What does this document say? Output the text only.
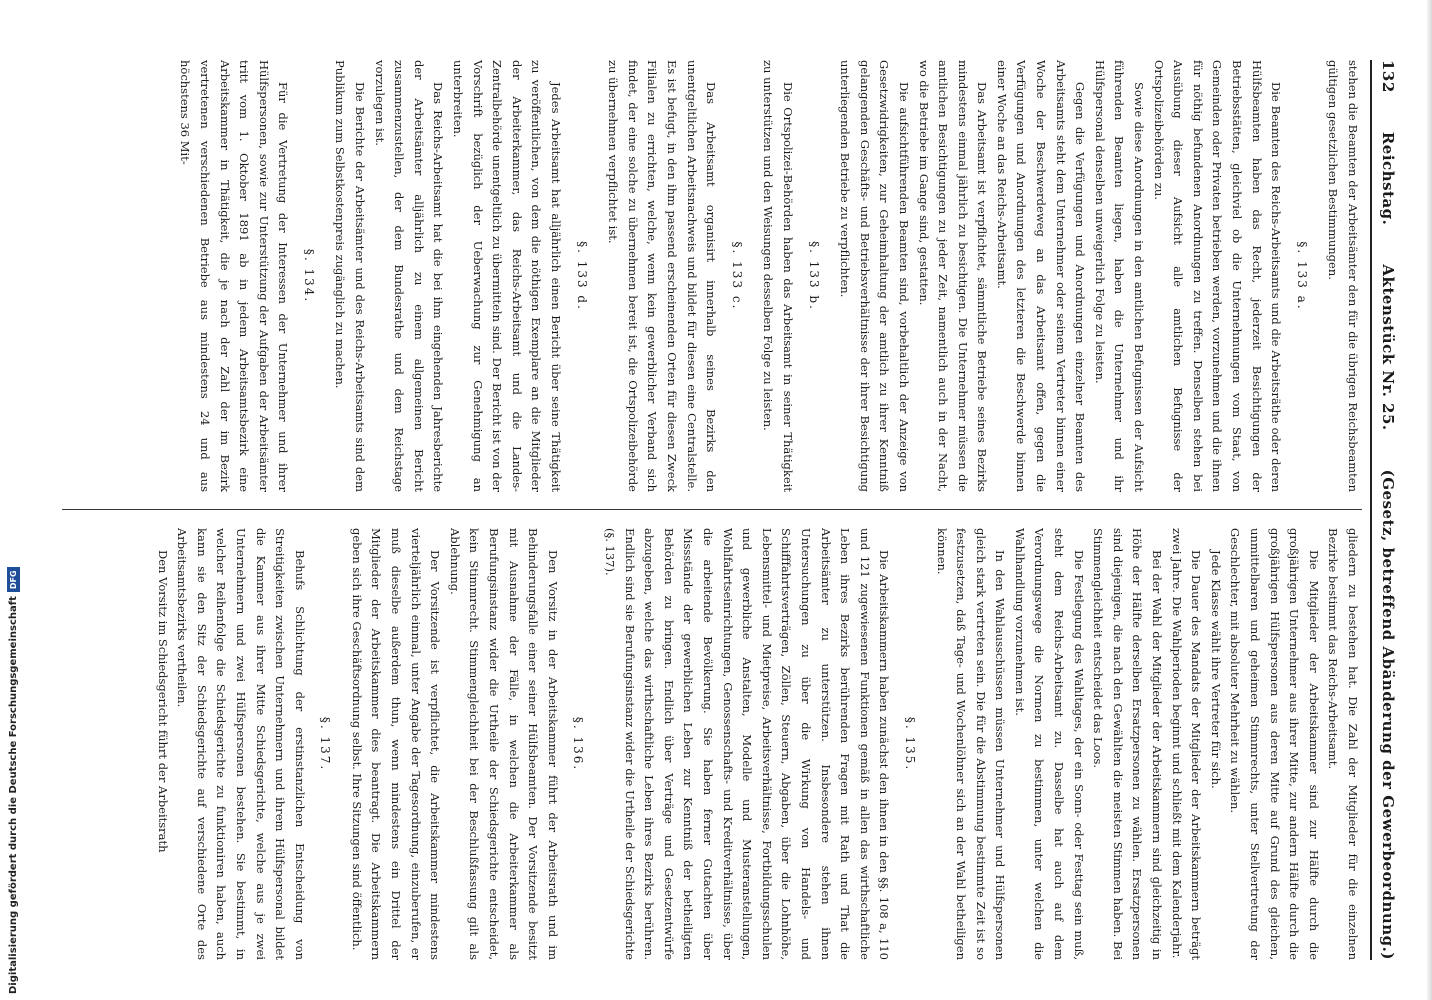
132
Reichstag.
Aktenstück Nr. 25.
(Gesetz, betreffend Abänderung der Gewerbeordnung.)

stehen die Beamten der Arbeitsämter den für die übrigen Reichsbeamten gültigen gesetzlichen Bestimmungen.

§. 133 a.

Die Beamten des Reichs-Arbeitsamts und die Arbeitsräthe oder deren Hülfsbeamten haben das Recht, jederzeit Besichtigungen der Betriebsstätten, gleichviel ob die Unternehmungen vom Staat, von Gemeinden oder Privaten betrieben werden, vorzunehmen und die ihnen für nöthig befundenen Anordnungen zu treffen. Denselben stehen bei Ausübung dieser Aufsicht alle amtlichen Befugnisse der Ortspolizeibehörden zu.

Sowie diese Anordnungen in den amtlichen Befugnissen der Aufsicht führenden Beamten liegen, haben die Unternehmer und ihr Hülfspersonal denselben unweigerlich Folge zu leisten.

Gegen die Verfügungen und Anordnungen einzelner Beamten des Arbeitsamts steht dem Unternehmer oder seinem Vertreter binnen einer Woche der Beschwerdeweg an das Arbeitsamt offen, gegen die Verfügungen und Anordnungen des letzteren die Beschwerde binnen einer Woche an das Reichs-Arbeitsamt.

Das Arbeitsamt ist verpflichtet, sämmtliche Betriebe seines Bezirks mindestens einmal jährlich zu besichtigen. Die Unternehmer müssen die amtlichen Besichtigungen zu jeder Zeit, namentlich auch in der Nacht, wo die Betriebe im Gange sind, gestatten.

Die aufsichtführenden Beamten sind, vorbehaltlich der Anzeige von Gesetzwidrigkeiten, zur Geheimhaltung der amtlich zu ihrer Kenntniß gelangenden Geschäfts- und Betriebsverhältnisse der ihrer Besichtigung unterliegenden Betriebe zu verpflichten.

§. 133 b.

Die Ortspolizei-Behörden haben das Arbeitsamt in seiner Thätigkeit zu unterstützen und den Weisungen desselben Folge zu leisten.

§. 133 c.

Das Arbeitsamt organisirt innerhalb seines Bezirks den unentgeltlichen Arbeitsnachweis und bildet für diesen eine Centralstelle. Es ist befugt, in den ihm passend erscheinenden Orten für diesen Zweck Filialen zu errichten, welche, wenn kein gewerblicher Verband sich findet, der eine solche zu übernehmen bereit ist, die Ortspolizeibehörde zu übernehmen verpflichtet ist.

§. 133 d.

Jedes Arbeitsamt hat alljährlich einen Bericht über seine Thätigkeit zu veröffentlichen, von dem die nöthigen Exemplare an die Mitglieder der Arbeiterkammer, das Reichs-Arbeitsamt und die Landes-Zentralbehörde unentgeltlich zu übermitteln sind. Der Bericht ist von der Vorschrift bezüglich der Ueberwachung zur Genehmigung an unterbreiten.

Das Reichs-Arbeitsamt hat die bei ihm eingehenden Jahresberichte der Arbeitsämter alljährlich zu einem allgemeinen Bericht zusammenzustellen, der dem Bundesrathe und dem Reichstage vorzulegen ist.

Die Berichte der Arbeitsämter und des Reichs-Arbeitsamts sind dem Publikum zum Selbstkostenpreis zugänglich zu machen.

§. 134.

Für die Vertretung der Interessen der Unternehmer und ihrer Hülfspersonen, sowie zur Unterstützung der Aufgaben der Arbeitsämter tritt vom 1. Oktober 1891 ab in jedem Arbeitsamtsbezirk eine Arbeitskammer in Thätigkeit, die je nach der Zahl der im Bezirk vertretenen verschiedenen Betriebe aus mindestens 24 und aus höchstens 36 Mit-

gliedern zu bestehen hat. Die Zahl der Mitglieder für die einzelnen Bezirke bestimmt das Reichs-Arbeitsamt.

Die Mitglieder der Arbeitskammer sind zur Hälfte durch die großjährigen Unternehmer aus ihrer Mitte, zur andern Hälfte durch die großjährigen Hülfspersonen aus deren Mitte auf Grund des gleichen, unmittelbaren und geheimen Stimmrechts, unter Stellvertretung der Geschlechter, mit absoluter Mehrheit zu wählen.

Jede Klasse wählt ihre Vertreter für sich.

Die Dauer des Mandats der Mitglieder der Arbeitskammern beträgt zwei Jahre. Die Wahlperioden beginnt und schließt mit dem Kalenderjahr.

Bei der Wahl der Mitglieder der Arbeitskammern sind gleichzeitig in Höhe der Hälfte derselben Ersatzpersonen zu wählen. Ersatzpersonen sind diejenigen, die nach den Gewählten die meisten Stimmen haben. Bei Stimmengleichheit entscheidet das Loos.

Die Festlegung des Wahltages, der ein Sonn- oder Festtag sein muß, steht dem Reichs-Arbeitsamt zu. Dasselbe hat auch auf dem Verordnungswege die Normen zu bestimmen, unter welchen die Wahlhandlung vorzunehmen ist.

In den Wahlausschüssen müssen Unternehmer und Hülfspersonen gleich stark vertreten sein. Die für die Abstimmung bestimmte Zeit ist so festzusetzen, daß Tage- und Wochenlöhner sich an der Wahl betheiligen können.

§. 135.

Die Arbeitskammern haben zunächst den ihnen in den §§. 108 a, 110 und 121 zugewiesenen Funktionen gemäß in allen das wirthschaftliche Leben ihres Bezirks berührenden Fragen mit Rath und That die Arbeitsämter zu unterstützen. Insbesondere stehen ihnen Untersuchungen zu über die Wirkung von Handels- und Schifffahrtsverträgen, Zöllen, Steuern, Abgaben, über die Lohnhöhe, Lebensmittel- und Mietpreise, Arbeitsverhältnisse, Fortbildungsschulen und gewerbliche Anstalten, Modelle und Musteranstellungen, Wohlfahrtseinrichtungen, Genossenschafts- und Kreditverhältnisse, über die arbeitende Bevölkerung. Sie haben ferner Gutachten über Missstände der gewerblichen Leben zur Kenntniß der betheiligten Behörden zu bringen. Endlich über Verträge und Gesetzentwürfe abzugeben, welche das wirthschaftliche Leben ihres Bezirks berühren. Endlich sind sie Berufungsinstanz wider die Urtheile der Schiedsgerichte (§. 137).

§. 136.

Den Vorsitz in der Arbeitskammer führt der Arbeitsrath und im Behinderungsfalle einer seiner Hülfsbeamten. Der Vorsitzende besitzt mit Ausnahme der Fälle, in welchen die Arbeiterkammer als Berufungsinstanz wider die Urtheile der Schiedsgerichte entscheidet, kein Stimmrecht. Stimmengleichheit bei der Beschlußfassung gilt als Ablehnung.

Der Vorsitzende ist verpflichtet, die Arbeitskammer mindestens vierteljährlich einmal, unter Angabe der Tagesordnung, einzuberufen, er muß dieselbe außerdem thun, wenn mindestens ein Drittel der Mitglieder der Arbeitskammer dies beantragt. Die Arbeitskammern geben sich ihre Geschäftsordnung selbst. Ihre Sitzungen sind öffentlich.

§. 137.

Behufs Schlichtung der erstinstanzlichen Entscheidung von Streitigkeiten zwischen Unternehmern und ihrem Hülfspersonal bildet die Kammer aus ihrer Mitte Schiedsgerichte, welche aus je zwei Unternehmern und zwei Hülfspersonen bestehen. Sie bestimmt, in welcher Reihenfolge die Schiedsgerichte zu funktioniren haben, auch kann sie den Sitz der Schiedsgerichte auf verschiedene Orte des Arbeitsamtsbezirks vertheilen.

Den Vorsitz im Schiedsgericht führt der Arbeitsrath

Digitalisierung gefördert durch die Deutsche Forschungsgemeinschaft
DFG
